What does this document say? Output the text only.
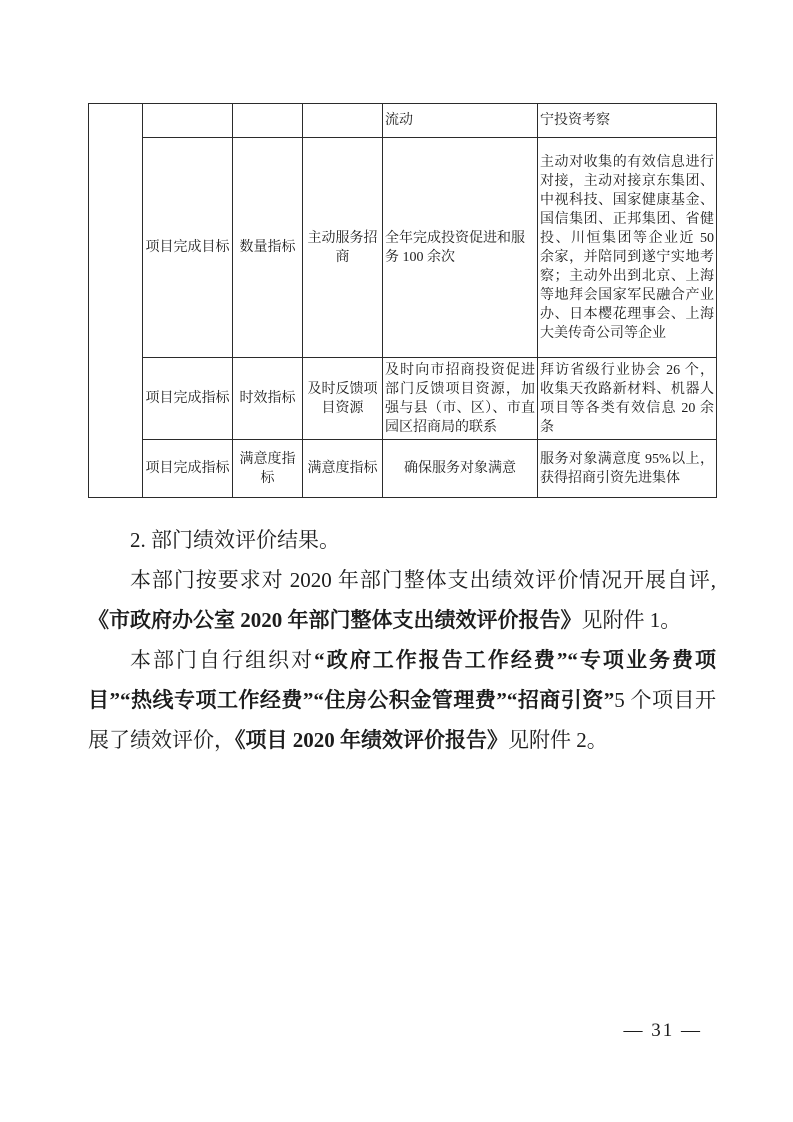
				流动	宁投资考察
	项目完成目标	数量指标	主动服务招商	全年完成投资促进和服务 100 余次	主动对收集的有效信息进行对接，主动对接京东集团、中视科技、国家健康基金、国信集团、正邦集团、省健投、川恒集团等企业近 50 余家，并陪同到遂宁实地考察；主动外出到北京、上海等地拜会国家军民融合产业办、日本樱花理事会、上海大美传奇公司等企业
	项目完成指标	时效指标	及时反馈项目资源	及时向市招商投资促进部门反馈项目资源，加强与县（市、区）、市直园区招商局的联系	拜访省级行业协会 26 个，收集天孜路新材料、机器人项目等各类有效信息 20 余条
	项目完成指标	满意度指标	满意度指标	确保服务对象满意	服务对象满意度 95%以上，获得招商引资先进集体

2. 部门绩效评价结果。

本部门按要求对 2020 年部门整体支出绩效评价情况开展自评,《市政府办公室 2020 年部门整体支出绩效评价报告》见附件 1。

本部门自行组织对“政府工作报告工作经费”“专项业务费项目”“热线专项工作经费”“住房公积金管理费”“招商引资”5 个项目开展了绩效评价，《项目 2020 年绩效评价报告》见附件 2。

— 31 —
